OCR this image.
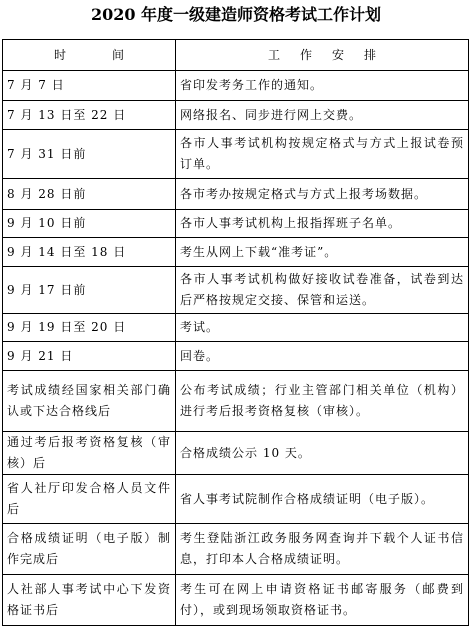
2020 年度一级建造师资格考试工作计划
时间	工作安排
7 月 7 日	省印发考务工作的通知。
7 月 13 日至 22 日	网络报名、同步进行网上交费。
7 月 31 日前	各市人事考试机构按规定格式与方式上报试卷预订单。
8 月 28 日前	各市考办按规定格式与方式上报考场数据。
9 月 10 日前	各市人事考试机构上报指挥班子名单。
9 月 14 日至 18 日	考生从网上下载“准考证”。
9 月 17 日前	各市人事考试机构做好接收试卷准备，试卷到达后严格按规定交接、保管和运送。
9 月 19 日至 20 日	考试。
9 月 21 日	回卷。
考试成绩经国家相关部门确认或下达合格线后	公布考试成绩；行业主管部门相关单位（机构）进行考后报考资格复核（审核）。
通过考后报考资格复核（审核）后	合格成绩公示 10 天。
省人社厅印发合格人员文件后	省人事考试院制作合格成绩证明（电子版）。
合格成绩证明（电子版）制作完成后	考生登陆浙江政务服务网查询并下载个人证书信息，打印本人合格成绩证明。
人社部人事考试中心下发资格证书后	考生可在网上申请资格证书邮寄服务（邮费到付），或到现场领取资格证书。
